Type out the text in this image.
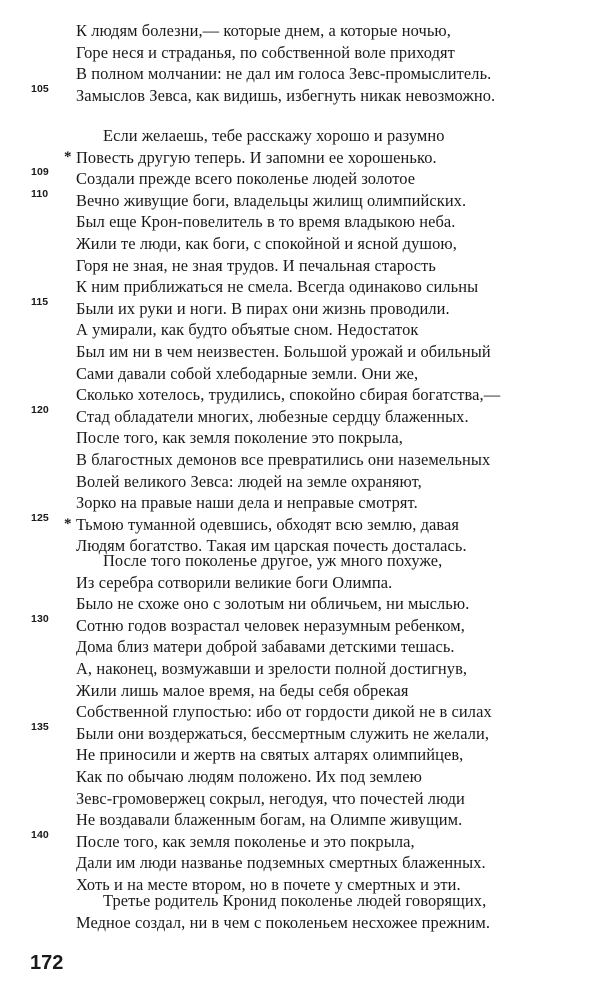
К людям болезни,— которые днем, а которые ночью,
Горе неся и страданья, по собственной воле приходят
В полном молчании: не дал им голоса Зевс-промыслитель.
105 Замыслов Зевса, как видишь, избегнуть никак невозможно.
Если желаешь, тебе расскажу хорошо и разумно
* Повесть другую теперь. И запомни ее хорошенько.
109 Создали прежде всего поколенье людей золотое
110 Вечно живущие боги, владельцы жилищ олимпийских.
Был еще Крон-повелитель в то время владыкою неба.
Жили те люди, как боги, с спокойной и ясной душою,
Горя не зная, не зная трудов. И печальная старость
К ним приближаться не смела. Всегда одинаково сильны
115 Были их руки и ноги. В пирах они жизнь проводили.
А умирали, как будто объятые сном. Недостаток
Был им ни в чем неизвестен. Большой урожай и обильный
Сами давали собой хлебодарные земли. Они же,
Сколько хотелось, трудились, спокойно сбирая богатства,—
120 Стад обладатели многих, любезные сердцу блаженных.
После того, как земля поколение это покрыла,
В благостных демонов все превратились они наземельных
Волей великого Зевса: людей на земле охраняют,
Зорко на правые наши дела и неправые смотрят.
125 * Тьмою туманной одевшись, обходят всю землю, давая
Людям богатство. Такая им царская почесть досталась.
После того поколенье другое, уж много похуже,
Из серебра сотворили великие боги Олимпа.
Было не схоже оно с золотым ни обличьем, ни мыслью.
130 Сотню годов возрастал человек неразумным ребенком,
Дома близ матери доброй забавами детскими тешась.
А, наконец, возмужавши и зрелости полной достигнув,
Жили лишь малое время, на беды себя обрекая
Собственной глупостью: ибо от гордости дикой не в силах
135 Были они воздержаться, бессмертным служить не желали,
Не приносили и жертв на святых алтарях олимпийцев,
Как по обычаю людям положено. Их под землею
Зевс-громовержец сокрыл, негодуя, что почестей люди
Не воздавали блаженным богам, на Олимпе живущим.
140 После того, как земля поколенье и это покрыла,
Дали им люди названье подземных смертных блаженных.
Хоть и на месте втором, но в почете у смертных и эти.
Третье родитель Кронид поколенье людей говорящих,
Медное создал, ни в чем с поколеньем несхожее прежним.
172
